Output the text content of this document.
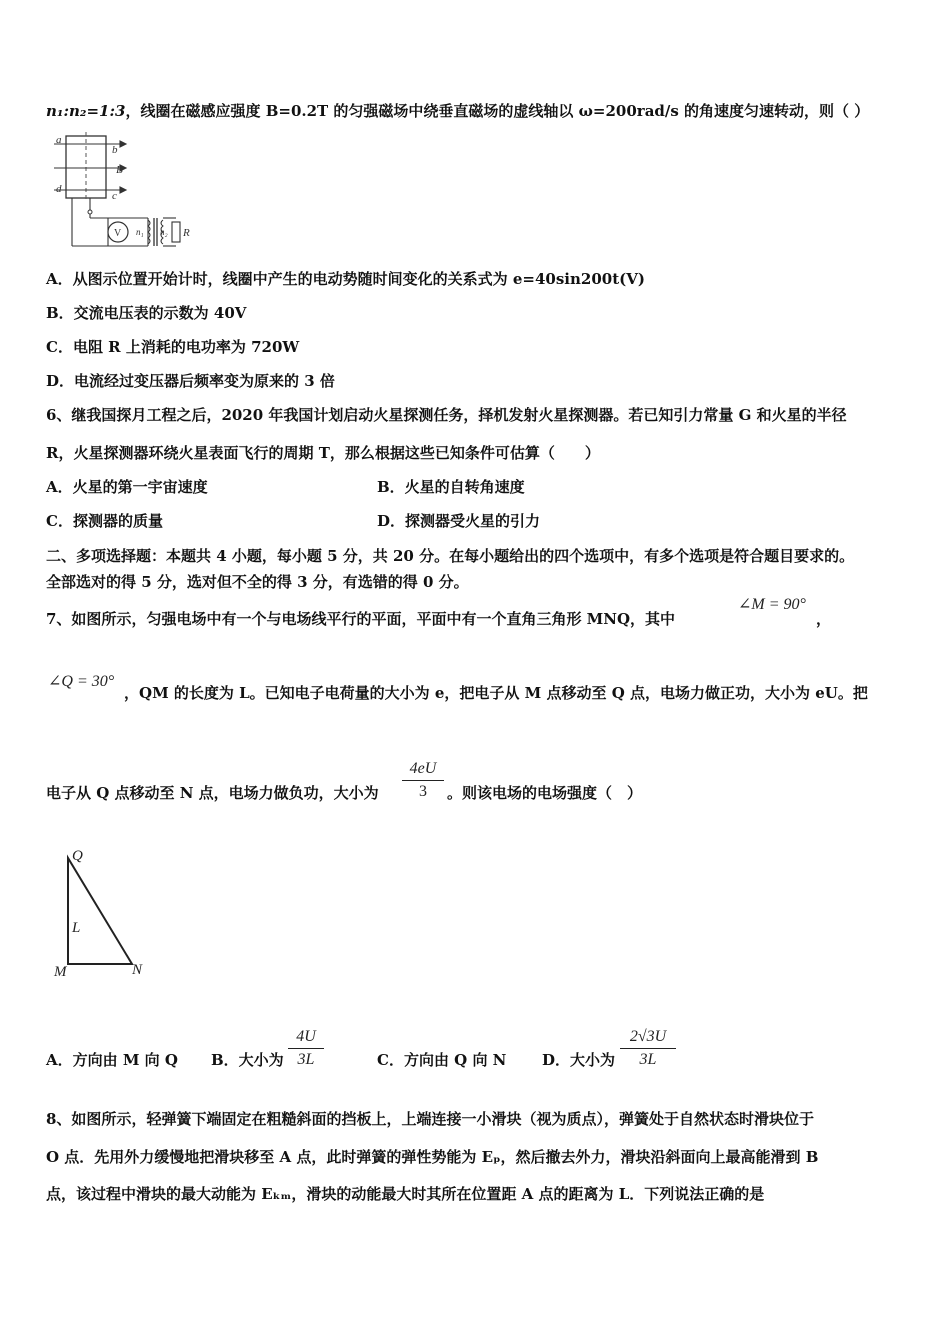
n₁:n₂=1:3，线圈在磁感应强度 B=0.2T 的匀强磁场中绕垂直磁场的虚线轴以 ω=200rad/s 的角速度匀速转动，则（ ）
a
b
B
d
c
V n₁ n₂ R
A．从图示位置开始计时，线圈中产生的电动势随时间变化的关系式为 e=40sin200t(V)
B．交流电压表的示数为 40V
C．电阻 R 上消耗的电功率为 720W
D．电流经过变压器后频率变为原来的 3 倍
6、继我国探月工程之后，2020 年我国计划启动火星探测任务，择机发射火星探测器。若已知引力常量 G 和火星的半径
R，火星探测器环绕火星表面飞行的周期 T，那么根据这些已知条件可估算（　　）
A．火星的第一宇宙速度	B．火星的自转角速度
C．探测器的质量	D．探测器受火星的引力
二、多项选择题：本题共 4 小题，每小题 5 分，共 20 分。在每小题给出的四个选项中，有多个选项是符合题目要求的。
全部选对的得 5 分，选对但不全的得 3 分，有选错的得 0 分。
7、如图所示，匀强电场中有一个与电场线平行的平面，平面中有一个直角三角形 MNQ，其中
∠M = 90°
，
∠Q = 30°
，QM 的长度为 L。已知电子电荷量的大小为 e，把电子从 M 点移动至 Q 点，电场力做正功，大小为 eU。把
电子从 Q 点移动至 N 点，电场力做负功，大小为
4eU
3	。则该电场的电场强度（　）
Q
L
M	N
A．方向由 M 向 Q B．大小为
4U
3L	C．方向由 Q 向 N D．大小为
2√3U
3L
8、如图所示，轻弹簧下端固定在粗糙斜面的挡板上，上端连接一小滑块（视为质点），弹簧处于自然状态时滑块位于
O 点．先用外力缓慢地把滑块移至 A 点，此时弹簧的弹性势能为 Eₚ，然后撤去外力，滑块沿斜面向上最高能滑到 B
点，该过程中滑块的最大动能为 Eₖₘ，滑块的动能最大时其所在位置距 A 点的距离为 L．下列说法正确的是
